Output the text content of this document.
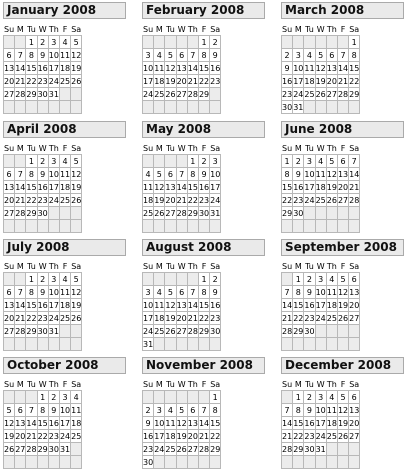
January 2008
Su	M	Tu	W	Th	F	Sa
		1	2	3	4	5
6	7	8	9	10	11	12
13	14	15	16	17	18	19
20	21	22	23	24	25	26
27	28	29	30	31		

February 2008
Su	M	Tu	W	Th	F	Sa
					1	2
3	4	5	6	7	8	9
10	11	12	13	14	15	16
17	18	19	20	21	22	23
24	25	26	27	28	29	

March 2008
Su	M	Tu	W	Th	F	Sa
						1
2	3	4	5	6	7	8
9	10	11	12	13	14	15
16	17	18	19	20	21	22
23	24	25	26	27	28	29
30	31					
April 2008
Su	M	Tu	W	Th	F	Sa
		1	2	3	4	5
6	7	8	9	10	11	12
13	14	15	16	17	18	19
20	21	22	23	24	25	26
27	28	29	30			

May 2008
Su	M	Tu	W	Th	F	Sa
				1	2	3
4	5	6	7	8	9	10
11	12	13	14	15	16	17
18	19	20	21	22	23	24
25	26	27	28	29	30	31

June 2008
Su	M	Tu	W	Th	F	Sa
1	2	3	4	5	6	7
8	9	10	11	12	13	14
15	16	17	18	19	20	21
22	23	24	25	26	27	28
29	30					

July 2008
Su	M	Tu	W	Th	F	Sa
		1	2	3	4	5
6	7	8	9	10	11	12
13	14	15	16	17	18	19
20	21	22	23	24	25	26
27	28	29	30	31		

August 2008
Su	M	Tu	W	Th	F	Sa
					1	2
3	4	5	6	7	8	9
10	11	12	13	14	15	16
17	18	19	20	21	22	23
24	25	26	27	28	29	30
31						
September 2008
Su	M	Tu	W	Th	F	Sa
	1	2	3	4	5	6
7	8	9	10	11	12	13
14	15	16	17	18	19	20
21	22	23	24	25	26	27
28	29	30				

October 2008
Su	M	Tu	W	Th	F	Sa
			1	2	3	4
5	6	7	8	9	10	11
12	13	14	15	16	17	18
19	20	21	22	23	24	25
26	27	28	29	30	31	

November 2008
Su	M	Tu	W	Th	F	Sa
						1
2	3	4	5	6	7	8
9	10	11	12	13	14	15
16	17	18	19	20	21	22
23	24	25	26	27	28	29
30						
December 2008
Su	M	Tu	W	Th	F	Sa
	1	2	3	4	5	6
7	8	9	10	11	12	13
14	15	16	17	18	19	20
21	22	23	24	25	26	27
28	29	30	31			
